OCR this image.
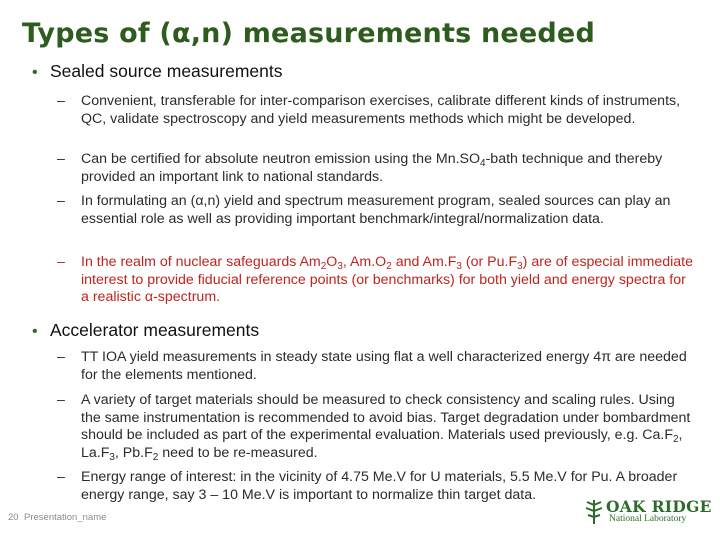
Types of (α,n) measurements needed
• Sealed source measurements
– Convenient, transferable for inter-comparison exercises, calibrate different kinds of instruments, QC, validate spectroscopy and yield measurements methods which might be developed.
– Can be certified for absolute neutron emission using the $Mn.SO_4$-bath technique and thereby provided an important link to national standards.
– In formulating an (α,n) yield and spectrum measurement program, sealed sources can play an essential role as well as providing important benchmark/integral/normalization data.
– In the realm of nuclear safeguards $Am_2O_3$, $Am.O_2$ and $Am.F_3$ (or $Pu.F_3$) are of especial immediate interest to provide fiducial reference points (or benchmarks) for both yield and energy spectra for a realistic α-spectrum.
• Accelerator measurements
– TT IOA yield measurements in steady state using flat a well characterized energy 4π are needed for the elements mentioned.
– A variety of target materials should be measured to check consistency and scaling rules. Using the same instrumentation is recommended to avoid bias. Target degradation under bombardment should be included as part of the experimental evaluation. Materials used previously, e.g. $Ca.F_2$, $La.F_3$, $Pb.F_2$ need to be re-measured.
– Energy range of interest: in the vicinity of 4.75 Me.V for U materials, 5.5 Me.V for Pu. A broader energy range, say 3 – 10 Me.V is important to normalize thin target data.
20 Presentation_name
OAK RIDGE
National Laboratory
